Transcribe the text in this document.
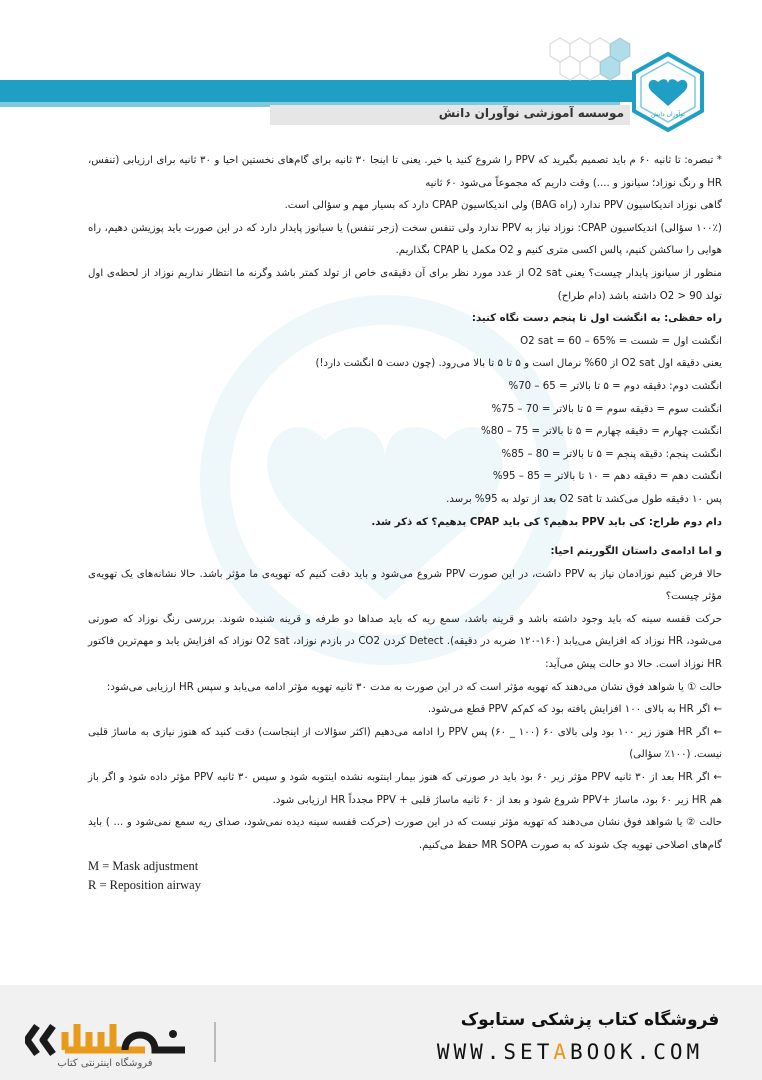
موسسه آموزشی نوآوران دانش	نوآوران دانش

* تبصره: تا ثانیه ۶۰ م باید تصمیم بگیرید که PPV را شروع کنید یا خیر. یعنی تا اینجا ۳۰ ثانیه برای گام‌های نخستین احیا و ۳۰ ثانیه برای ارزیابی (تنفس، HR و رنگ نوزاد؛ سیانوز و ....) وقت داریم که مجموعاً می‌شود ۶۰ ثانیه

گاهی نوزاد اندیکاسیون PPV ندارد (راه BAG) ولی اندیکاسیون CPAP دارد که بسیار مهم و سؤالی است.

(۱۰۰٪ سؤالی) اندیکاسیون CPAP: نوزاد نیاز به PPV ندارد ولی تنفس سخت (زجر تنفس) یا سیانوز پایدار دارد که در این صورت باید پوزیشن دهیم، راه هوایی را ساکشن کنیم، پالس اکسی متری کنیم و O2 مکمل یا CPAP بگذاریم.

منظور از سیانوز پایدار چیست؟ یعنی O2 sat از عدد مورد نظر برای آن دقیقه‌ی خاص از تولد کمتر باشد وگرنه ما انتظار نداریم نوزاد از لحظه‌ی اول تولد O2 > 90 داشته باشد (دام طراح)

راه حفظی: به انگشت اول تا پنجم دست نگاه کنید:

انگشت اول = شست = O2 sat = 60 – 65%

یعنی دقیقه اول O2 sat از 60% نرمال است و ۵ تا ۵ تا بالا می‌رود. (چون دست ۵ انگشت دارد!)

انگشت دوم: دقیقه دوم = ۵ تا بالاتر = 65 – 70%

انگشت سوم = دقیقه سوم = ۵ تا بالاتر = 70 – 75%

انگشت چهارم = دقیقه چهارم = ۵ تا بالاتر = 75 – 80%

انگشت پنجم: دقیقه پنجم = ۵ تا بالاتر = 80 – 85%

انگشت دهم = دقیقه دهم = ۱۰ تا بالاتر = 85 – 95%

پس ۱۰ دقیقه طول می‌کشد تا O2 sat بعد از تولد به 95% برسد.

دام دوم طراح: کی باید PPV بدهیم؟ کی باید CPAP بدهیم؟ که ذکر شد.

و اما ادامه‌ی داستان الگوریتم احیا:

حالا فرض کنیم نوزادمان نیاز به PPV داشت، در این صورت PPV شروع می‌شود و باید دقت کنیم که تهویه‌ی ما مؤثر باشد. حالا نشانه‌های یک تهویه‌ی مؤثر چیست؟

حرکت قفسه سینه که باید وجود داشته باشد و قرینه باشد، سمع ریه که باید صداها دو طرفه و قرینه شنیده شوند. بررسی رنگ نوزاد که صورتی می‌شود، HR نوزاد که افزایش می‌یابد (۱۶۰-۱۲۰ ضربه در دقیقه). Detect کردن CO2 در بازدم نوزاد، O2 sat نوزاد که افزایش یابد و مهم‌ترین فاکتور HR نوزاد است. حالا دو حالت پیش می‌آید:

حالت ① یا شواهد فوق نشان می‌دهند که تهویه مؤثر است که در این صورت به مدت ۳۰ ثانیه تهویه مؤثر ادامه می‌یابد و سپس HR ارزیابی می‌شود:

← اگر HR به بالای ۱۰۰ افزایش یافته بود که کم‌کم PPV قطع می‌شود.

← اگر HR هنوز زیر ۱۰۰ بود ولی بالای ۶۰ (۱۰۰ _ ۶۰) پس PPV را ادامه می‌دهیم (اکثر سؤالات از اینجاست) دقت کنید که هنوز نیازی به ماساژ قلبی نیست. (۱۰۰٪ سؤالی)

← اگر HR بعد از ۳۰ ثانیه PPV مؤثر زیر ۶۰ بود باید در صورتی که هنوز بیمار اینتوبه نشده اینتوبه شود و سپس ۳۰ ثانیه PPV مؤثر داده شود و اگر باز هم HR زیر ۶۰ بود، ماساژ +PPV شروع شود و بعد از ۶۰ ثانیه ماساژ قلبی + PPV مجدداً HR ارزیابی شود.

حالت ② یا شواهد فوق نشان می‌دهند که تهویه مؤثر نیست که در این صورت (حرکت قفسه سینه دیده نمی‌شود، صدای ریه سمع نمی‌شود و ... ) باید گام‌های اصلاحی تهویه چک شوند که به صورت MR SOPA حفظ می‌کنیم.

M = Mask adjustment

R = Reposition airway

فروشگاه اینترنتی کتاب
فروشگاه کتاب پزشکی ستابوک
WWW.SETABOOK.COM
